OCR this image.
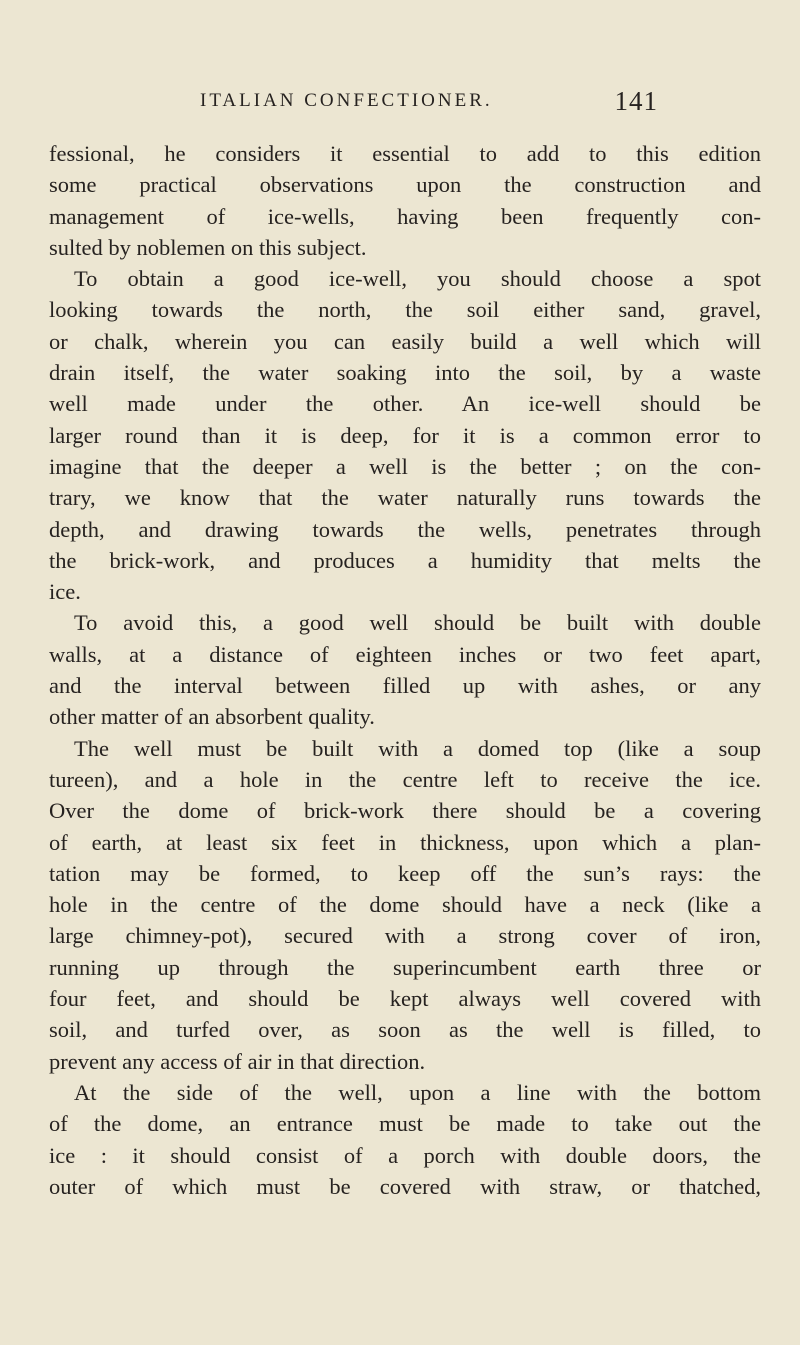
ITALIAN CONFECTIONER.	141
fessional, he considers it essential to add to this edition
some practical observations upon the construction and
management of ice-wells, having been frequently con-
sulted by noblemen on this subject.
To obtain a good ice-well, you should choose a spot
looking towards the north, the soil either sand, gravel,
or chalk, wherein you can easily build a well which will
drain itself, the water soaking into the soil, by a waste
well made under the other. An ice-well should be
larger round than it is deep, for it is a common error to
imagine that the deeper a well is the better ; on the con-
trary, we know that the water naturally runs towards the
depth, and drawing towards the wells, penetrates through
the brick-work, and produces a humidity that melts the
ice.
To avoid this, a good well should be built with double
walls, at a distance of eighteen inches or two feet apart,
and the interval between filled up with ashes, or any
other matter of an absorbent quality.
The well must be built with a domed top (like a soup
tureen), and a hole in the centre left to receive the ice.
Over the dome of brick-work there should be a covering
of earth, at least six feet in thickness, upon which a plan-
tation may be formed, to keep off the sun’s rays: the
hole in the centre of the dome should have a neck (like a
large chimney-pot), secured with a strong cover of iron,
running up through the superincumbent earth three or
four feet, and should be kept always well covered with
soil, and turfed over, as soon as the well is filled, to
prevent any access of air in that direction.
At the side of the well, upon a line with the bottom
of the dome, an entrance must be made to take out the
ice : it should consist of a porch with double doors, the
outer of which must be covered with straw, or thatched,
